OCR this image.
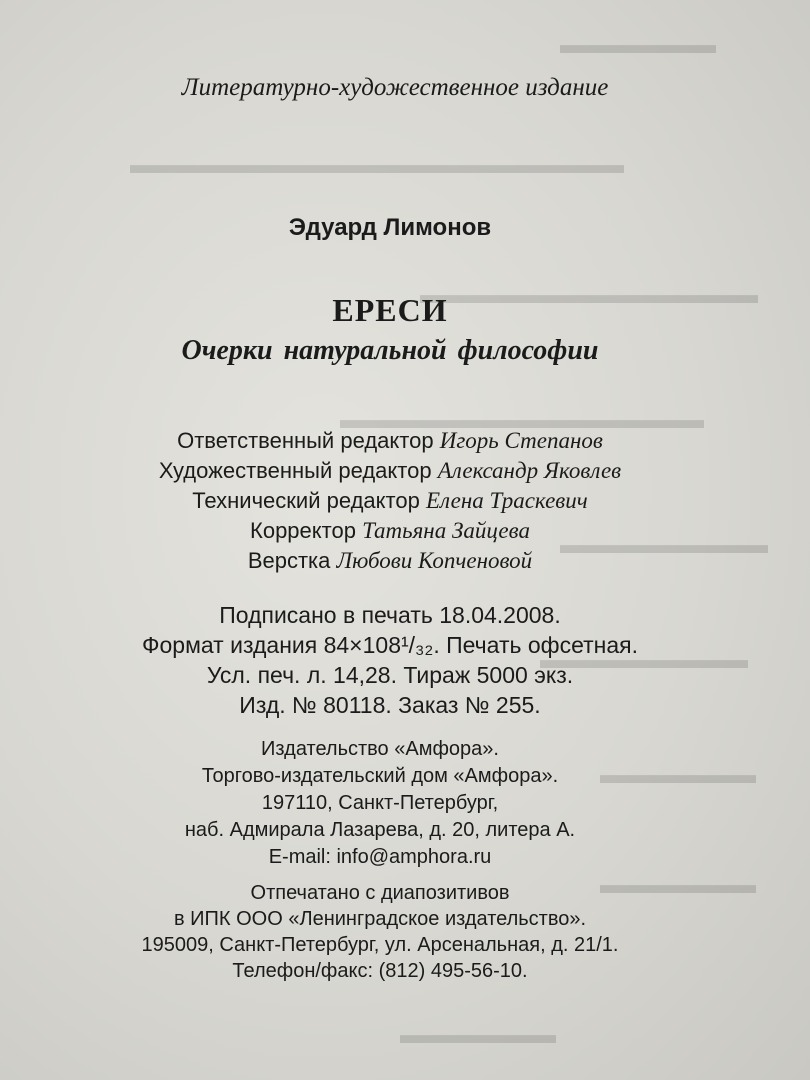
▬▬▬▬▬▬
▬▬▬▬▬▬▬▬▬▬▬▬▬▬▬▬▬▬▬
▬▬▬▬▬▬▬▬▬▬▬▬▬
▬▬▬▬▬▬▬▬▬▬▬▬▬▬
▬▬▬▬▬▬▬▬
▬▬▬▬▬▬▬▬
▬▬▬▬▬▬
▬▬▬▬▬▬
▬▬▬▬▬▬
Литературно-художественное издание
Эдуард Лимонов
ЕРЕСИ
Очерки натуральной философии
Ответственный редактор Игорь Степанов
Художественный редактор Александр Яковлев
Технический редактор Елена Траскевич
Корректор Татьяна Зайцева
Верстка Любови Копченовой
Подписано в печать 18.04.2008.
Формат издания 84×108¹/₃₂. Печать офсетная.
Усл. печ. л. 14,28. Тираж 5000 экз.
Изд. № 80118. Заказ № 255.
Издательство «Амфора».
Торгово-издательский дом «Амфора».
197110, Санкт-Петербург,
наб. Адмирала Лазарева, д. 20, литера А.
E-mail: info@amphora.ru
Отпечатано с диапозитивов
в ИПК ООО «Ленинградское издательство».
195009, Санкт-Петербург, ул. Арсенальная, д. 21/1.
Телефон/факс: (812) 495-56-10.
